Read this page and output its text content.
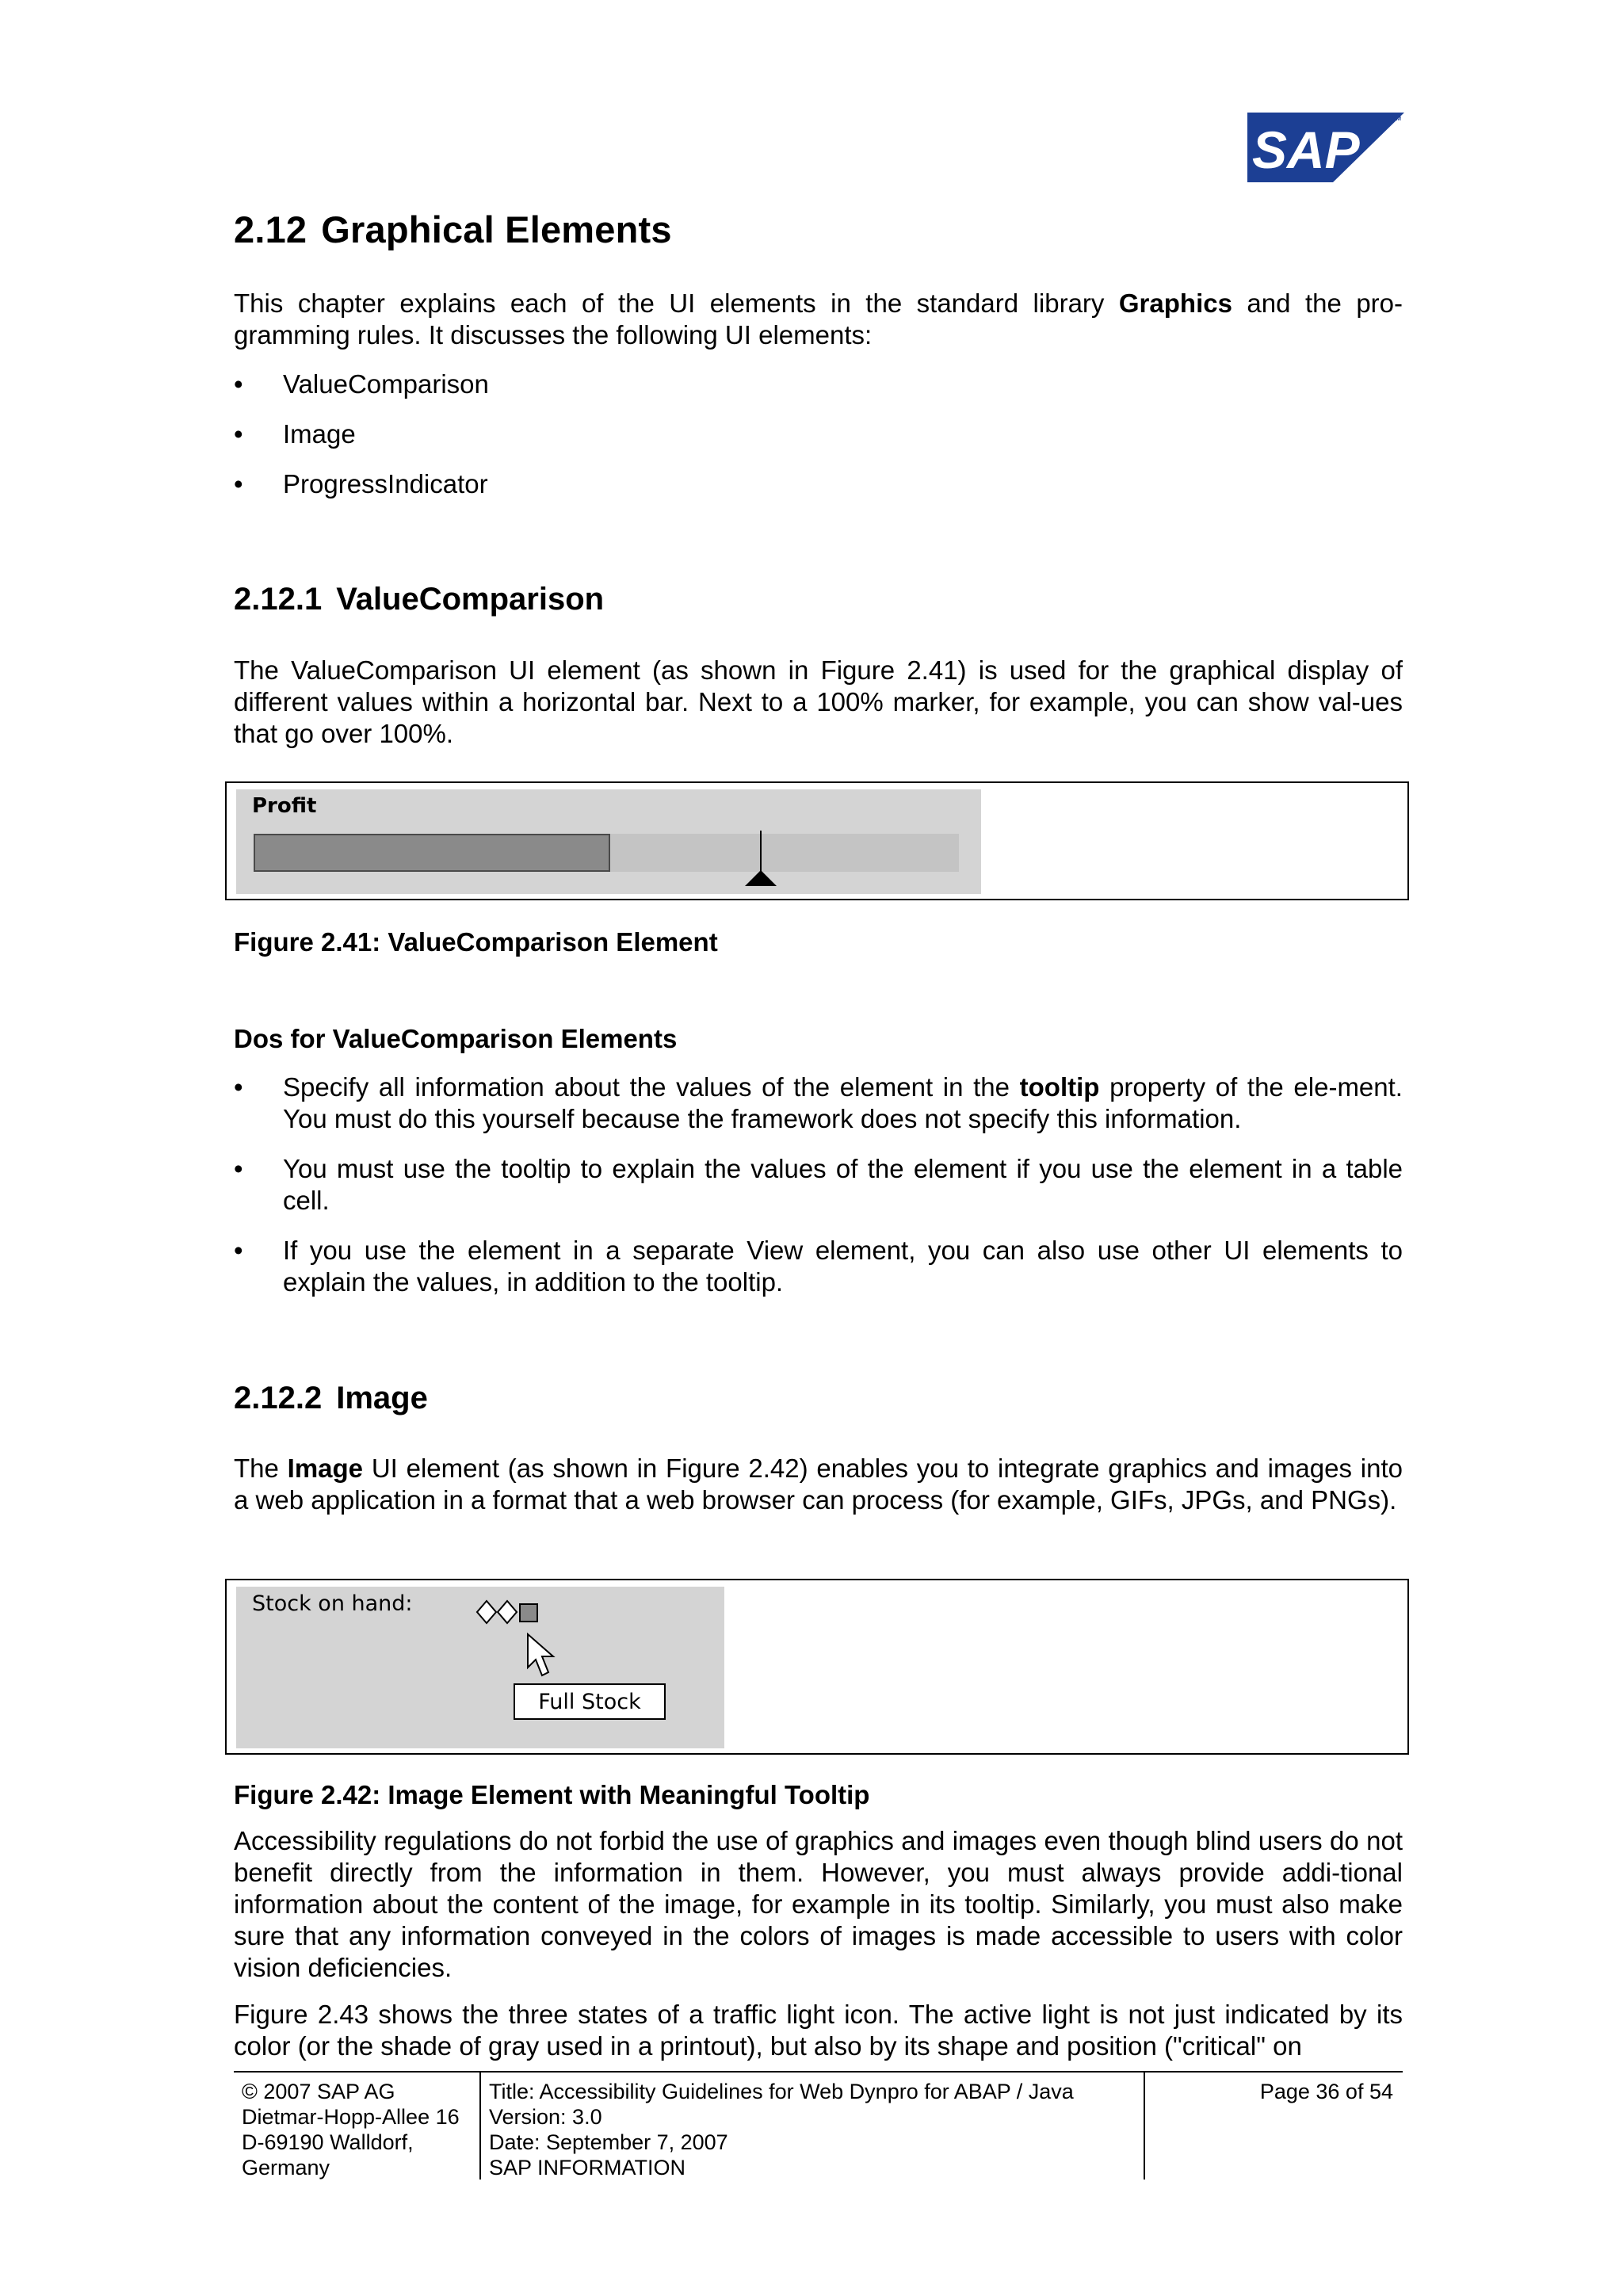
SAP
™
2.12 Graphical Elements

This chapter explains each of the UI elements in the standard library Graphics and the pro-gramming rules. It discusses the following UI elements:

• ValueComparison
• Image
• ProgressIndicator
2.12.1 ValueComparison

The ValueComparison UI element (as shown in Figure 2.41) is used for the graphical display of different values within a horizontal bar. Next to a 100% marker, for example, you can show val-ues that go over 100%.

Profit

Figure 2.41: ValueComparison Element

Dos for ValueComparison Elements
• Specify all information about the values of the element in the tooltip property of the ele-ment. You must do this yourself because the framework does not specify this information.
• You must use the tooltip to explain the values of the element if you use the element in a table cell.
• If you use the element in a separate View element, you can also use other UI elements to explain the values, in addition to the tooltip.
2.12.2 Image

The Image UI element (as shown in Figure 2.42) enables you to integrate graphics and images into a web application in a format that a web browser can process (for example, GIFs, JPGs, and PNGs).

Stock on hand:
Full Stock

Figure 2.42: Image Element with Meaningful Tooltip

Accessibility regulations do not forbid the use of graphics and images even though blind users do not benefit directly from the information in them. However, you must always provide addi-tional information about the content of the image, for example in its tooltip. Similarly, you must also make sure that any information conveyed in the colors of images is made accessible to users with color vision deficiencies.

Figure 2.43 shows the three states of a traffic light icon. The active light is not just indicated by its color (or the shade of gray used in a printout), but also by its shape and position ("critical" on

© 2007 SAP AG
Dietmar-Hopp-Allee 16
D-69190 Walldorf,
Germany
Title: Accessibility Guidelines for Web Dynpro for ABAP / Java
Version: 3.0
Date: September 7, 2007
SAP INFORMATION
Page 36 of 54
